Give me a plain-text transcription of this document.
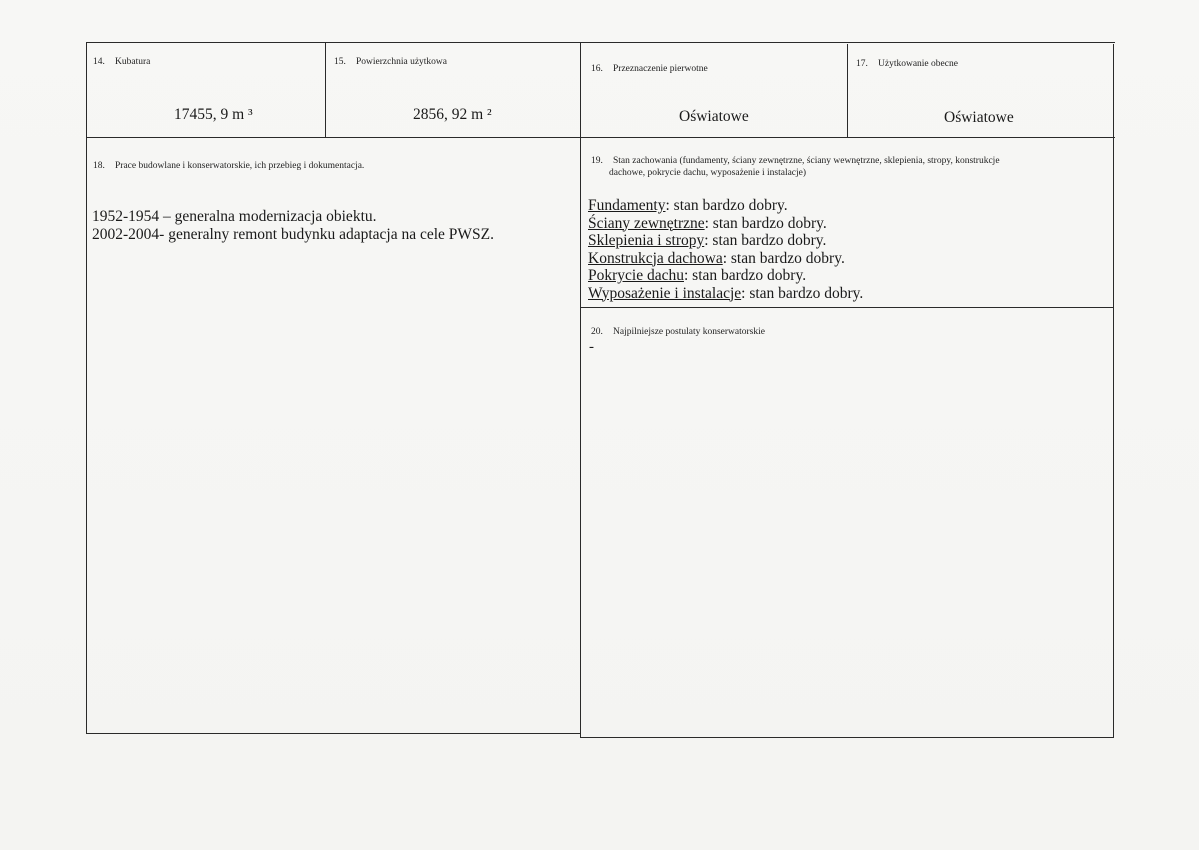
14. Kubatura
17455, 9 m ³
15. Powierzchnia użytkowa
2856, 92 m ²
16. Przeznaczenie pierwotne
Oświatowe
17. Użytkowanie obecne
Oświatowe
18. Prace budowlane i konserwatorskie, ich przebieg i dokumentacja.
1952-1954 – generalna modernizacja obiektu.
2002-2004- generalny remont budynku adaptacja na cele PWSZ.
19. Stan zachowania (fundamenty, ściany zewnętrzne, ściany wewnętrzne, sklepienia, stropy, konstrukcje
dachowe, pokrycie dachu, wyposażenie i instalacje)
Fundamenty: stan bardzo dobry.
Ściany zewnętrzne: stan bardzo dobry.
Sklepienia i stropy: stan bardzo dobry.
Konstrukcja dachowa: stan bardzo dobry.
Pokrycie dachu: stan bardzo dobry.
Wyposażenie i instalacje: stan bardzo dobry.
20. Najpilniejsze postulaty konserwatorskie
-
